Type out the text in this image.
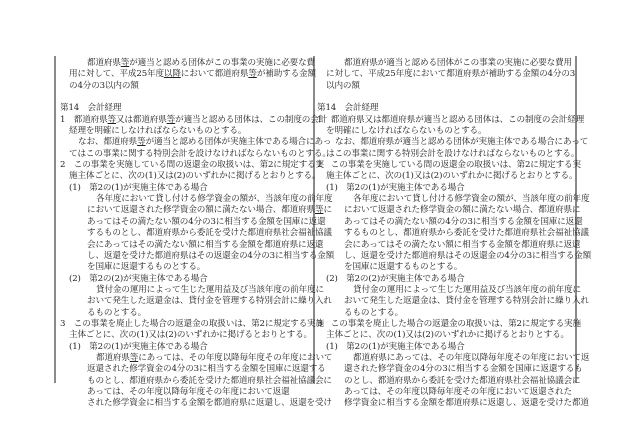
都道府県等が適当と認める団体がこの事業の実施に必要な費
用に対して、平成25年度以降において都道府県等が補助する金額
の4分の3以内の額
第14　会計経理
1　都道府県等又は都道府県等が適当と認める団体は、この制度の会計
経理を明確にしなければならないものとする。
なお、都道府県等が適当と認める団体が実施主体である場合にあっ
てはこの事業に関する特別会計を設けなければならないものとする。
2　この事業を実施している間の返還金の取扱いは、第2に規定する実
施主体ごとに、次の(1)又は(2)のいずれかに掲げるとおりとする。
(1)　第2の(1)が実施主体である場合
各年度において貸し付ける修学資金の額が、当該年度の前年度
において返還された修学資金の額に満たない場合、都道府県等に
あってはその満たない額の4分の3に相当する金額を国庫に返還
するものとし、都道府県から委託を受けた都道府県社会福祉協議
会にあってはその満たない額に相当する金額を都道府県に返還
し、返還を受けた都道府県はその返還金の4分の3に相当する金額
を国庫に返還するものとする。
(2)　第2の(2)が実施主体である場合
貸付金の運用によって生じた運用益及び当該年度の前年度に
おいて発生した返還金は、貸付金を管理する特別会計に繰り入れ
るものとする。
3　この事業を廃止した場合の返還金の取扱いは、第2に規定する実施
主体ごとに、次の(1)又は(2)のいずれかに掲げるとおりとする。
(1)　第2の(1)が実施主体である場合
都道府県等にあっては、その年度以降毎年度その年度において
返還された修学資金の4分の3に相当する金額を国庫に返還する
ものとし、都道府県から委託を受けた都道府県社会福祉協議会に
あっては、その年度以降毎年度その年度において返還
された修学資金に相当する金額を都道府県に返還し、返還を受け
都道府県が適当と認める団体がこの事業の実施に必要な費用
に対して、平成25年度において都道府県が補助する金額の4分の3
以内の額
第14　会計経理
1　都道府県又は都道府県が適当と認める団体は、この制度の会計経理
を明確にしなければならないものとする。
なお、都道府県が適当と認める団体が実施主体である場合にあって
はこの事業に関する特別会計を設けなければならないものとする。
2　この事業を実施している間の返還金の取扱いは、第2に規定する実
施主体ごとに、次の(1)又は(2)のいずれかに掲げるとおりとする。
(1)　第2の(1)が実施主体である場合
各年度において貸し付ける修学資金の額が、当該年度の前年度
において返還された修学資金の額に満たない場合、都道府県に
あってはその満たない額の4分の3に相当する金額を国庫に返還
するものとし、都道府県から委託を受けた都道府県社会福祉協議
会にあってはその満たない額に相当する金額を都道府県に返還
し、返還を受けた都道府県はその返還金の4分の3に相当する金額
を国庫に返還するものとする。
(2)　第2の(2)が実施主体である場合
貸付金の運用によって生じた運用益及び当該年度の前年度に
おいて発生した返還金は、貸付金を管理する特別会計に繰り入れ
るものとする。
3　この事業を廃止した場合の返還金の取扱いは、第2に規定する実施
主体ごとに、次の(1)又は(2)のいずれかに掲げるとおりとする。
(1)　第2の(1)が実施主体である場合
都道府県にあっては、その年度以降毎年度その年度において返
還された修学資金の4分の3に相当する金額を国庫に返還するも
のとし、都道府県から委託を受けた都道府県社会福祉協議会に
あっては、その年度以降毎年度その年度において返還された
修学資金に相当する金額を都道府県に返還し、返還を受けた都道
